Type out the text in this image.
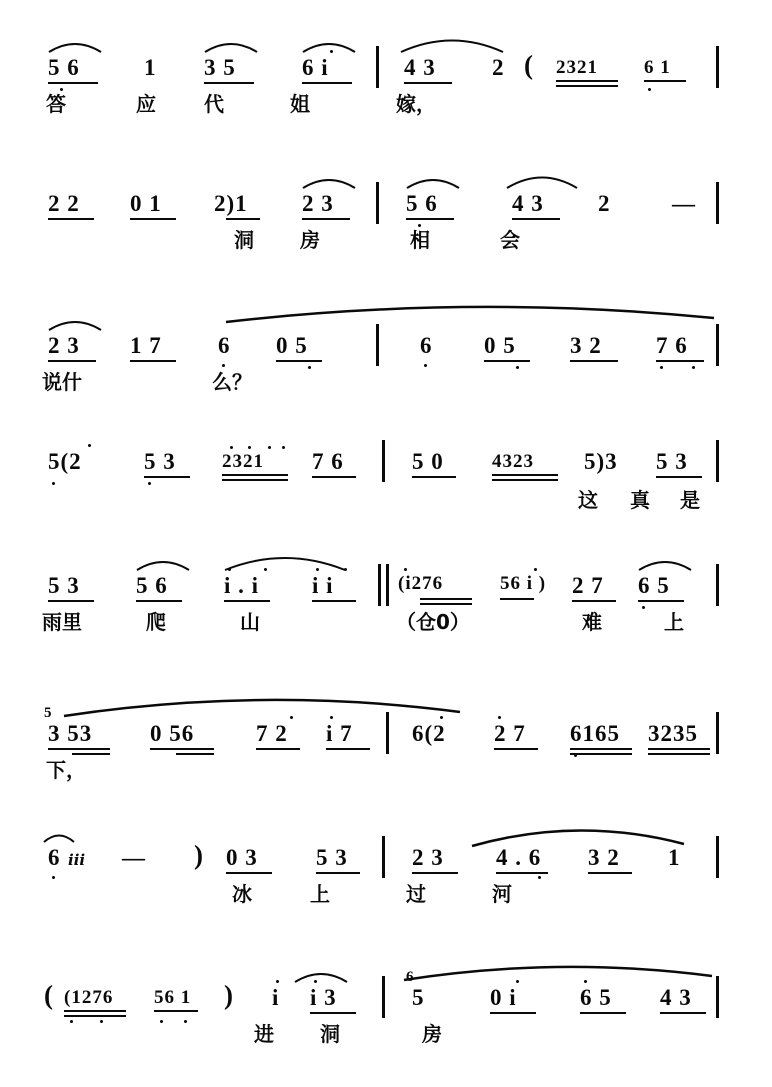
5 6	1 3 5	6 i	4 3 2 ( 2321 6 1
答	应 代	姐	嫁，
2 2 0 1 2)1 2 3	5 6	4 3 2	—
洞 房	相	会
2 3 1 7 6 0 5	6 0 5 3 2 7 6
说什	么？
5(2	5 3 2321 7 6	5 0	4323 5)3 5 3
这 真 是
5 3 5 6 i . i i i	(i276	56 i ) 2 7 6 5
雨里	爬	山	（仓0）	难	上
5
3 53	0 56	7 2 i 7	6(2 2 7 6165 3235
下，
6 ⅲ — ) 0 3	5 3	2 3 4 . 6 3 2 1
冰	上	过	河
( (1276 56 1 ) i i 3
6
5	0 i	6 5 4 3
进 洞	房
